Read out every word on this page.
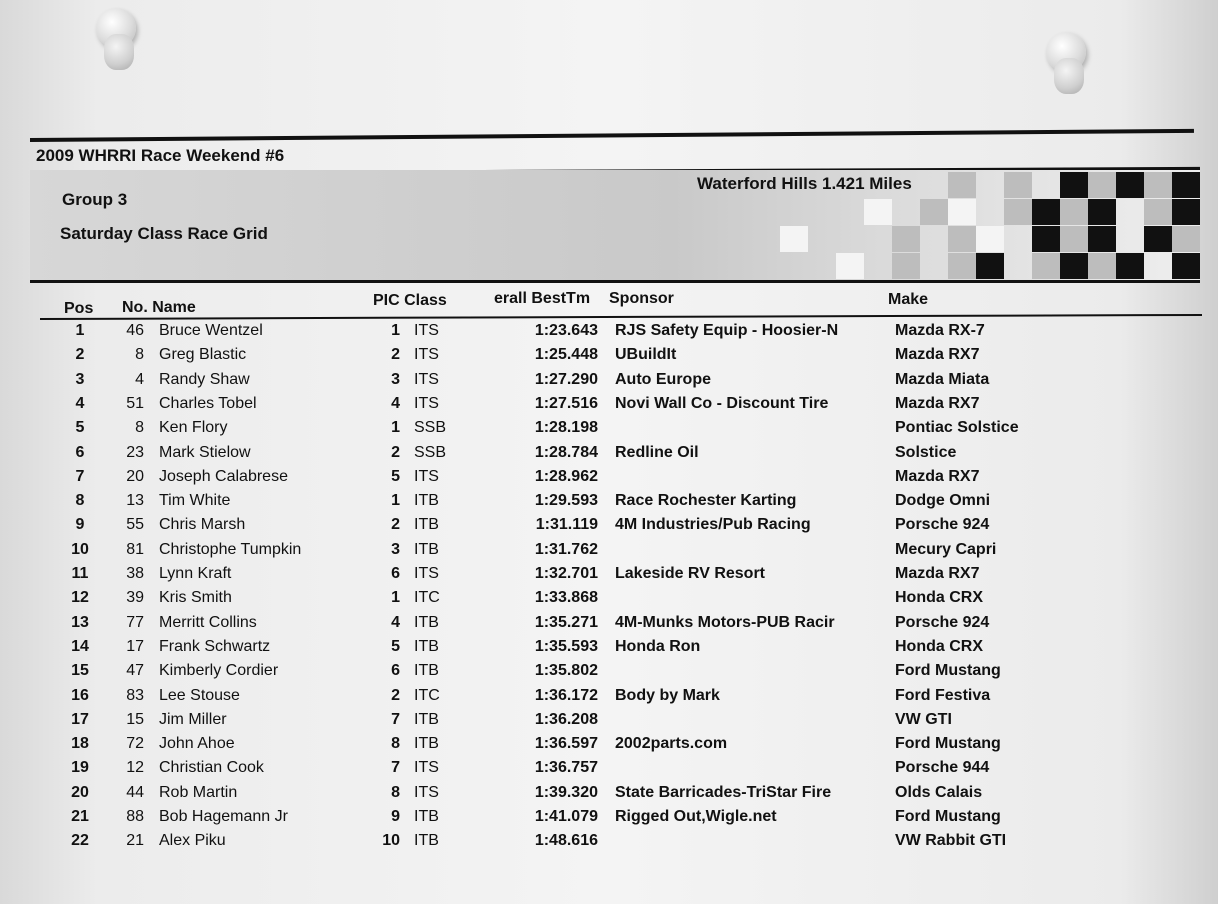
2009 WHRRI Race Weekend #6
Group 3
Saturday Class Race Grid
Waterford Hills 1.421 Miles
Pos No. Name	PIC Class	erall BestTm Sponsor	Make
1	46 Bruce Wentzel	1 ITS	1:23.643 RJS Safety Equip - Hoosier-N	Mazda RX-7
2	8 Greg Blastic	2 ITS	1:25.448 UBuildIt	Mazda RX7
3	4 Randy Shaw	3 ITS	1:27.290 Auto Europe	Mazda Miata
4	51 Charles Tobel	4 ITS	1:27.516 Novi Wall Co - Discount Tire	Mazda RX7
5	8 Ken Flory	1 SSB	1:28.198	Pontiac Solstice
6	23 Mark Stielow	2 SSB	1:28.784 Redline Oil	Solstice
7	20 Joseph Calabrese	5 ITS	1:28.962	Mazda RX7
8	13 Tim White	1 ITB	1:29.593 Race Rochester Karting	Dodge Omni
9	55 Chris Marsh	2 ITB	1:31.119 4M Industries/Pub Racing	Porsche 924
10	81 Christophe Tumpkin	3 ITB	1:31.762	Mecury Capri
11	38 Lynn Kraft	6 ITS	1:32.701 Lakeside RV Resort	Mazda RX7
12	39 Kris Smith	1 ITC	1:33.868	Honda CRX
13	77 Merritt Collins	4 ITB	1:35.271 4M-Munks Motors-PUB Racir	Porsche 924
14	17 Frank Schwartz	5 ITB	1:35.593 Honda Ron	Honda CRX
15	47 Kimberly Cordier	6 ITB	1:35.802	Ford Mustang
16	83 Lee Stouse	2 ITC	1:36.172 Body by Mark	Ford Festiva
17	15 Jim Miller	7 ITB	1:36.208	VW GTI
18	72 John Ahoe	8 ITB	1:36.597 2002parts.com	Ford Mustang
19	12 Christian Cook	7 ITS	1:36.757	Porsche 944
20	44 Rob Martin	8 ITS	1:39.320 State Barricades-TriStar Fire	Olds Calais
21	88 Bob Hagemann Jr	9 ITB	1:41.079 Rigged Out,Wigle.net	Ford Mustang
22	21 Alex Piku	10 ITB	1:48.616	VW Rabbit GTI
